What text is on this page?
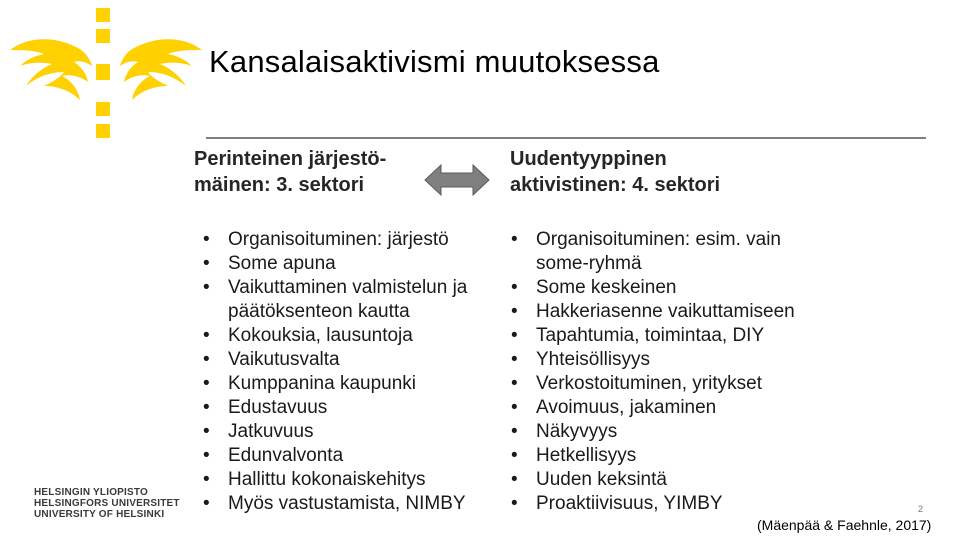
Kansalaisaktivismi muutoksessa
Perinteinen järjestö-
mäinen: 3. sektori
Uudentyyppinen
aktivistinen: 4. sektori
• Organisoituminen: järjestö
• Some apuna
• Vaikuttaminen valmistelun ja päätöksenteon kautta
• Kokouksia, lausuntoja
• Vaikutusvalta
• Kumppanina kaupunki
• Edustavuus
• Jatkuvuus
• Edunvalvonta
• Hallittu kokonaiskehitys
• Myös vastustamista, NIMBY
• Organisoituminen: esim. vain some-ryhmä
• Some keskeinen
• Hakkeriasenne vaikuttamiseen
• Tapahtumia, toimintaa, DIY
• Yhteisöllisyys
• Verkostoituminen, yritykset
• Avoimuus, jakaminen
• Näkyvyys
• Hetkellisyys
• Uuden keksintä
• Proaktiivisuus, YIMBY
HELSINGIN YLIOPISTO
HELSINGFORS UNIVERSITET
UNIVERSITY OF HELSINKI	2
(Mäenpää & Faehnle, 2017)
